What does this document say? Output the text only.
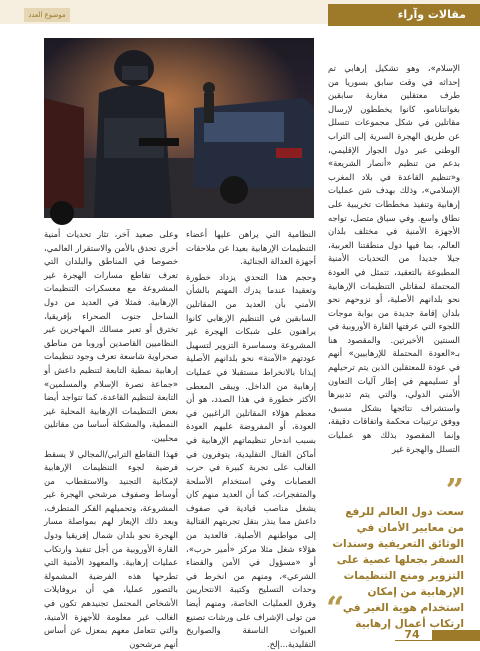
مقالات وآراء
موضوع العدد

الإسلام»، وهو تشكيل إرهابي تم إحداثه في وقت سابق بسوريا من طرف معتقلين مغاربة سابقين بغوانتانامو، كانوا يخططون لإرسال مقاتلين في شكل مجموعات تتسلل عن طريق الهجرة السرية إلى التراب الوطني عبر دول الجوار الإقليمي، بدعم من تنظيم «أنصار الشريعة» و«تنظيم القاعدة في بلاد المغرب الإسلامي»، وذلك بهدف شن عمليات إرهابية وتنفيذ مخططات تخريبية على نطاق واسع. وفي سياق متصل، تواجه الأجهزة الأمنية في مختلف بلدان العالم، بما فيها دول منطقتنا العربية، جيلا جديدا من التحديات الأمنية المطبوعة بالتعقيد، تتمثل في العودة المحتملة لمقاتلي التنظيمات الإرهابية نحو بلدانهم الأصلية، أو نزوحهم نحو بلدان إقامة جديدة من بوابة موجات اللجوء التي عرفتها القارة الأوروبية في السنتين الأخيرتين. والمقصود هنا بـ«العودة المحتملة للإرهابيين» أنهم في عودة للمعتقلين الذين يتم ترحيلهم أو تسليمهم في إطار آليات التعاون الأمني الدولي، والتي يتم تدبيرها واستشراف نتائجها بشكل مسبق، ووفق ترتيبات محكمة واتفاقات دقيقة، وإنما المقصود بذلك هو عمليات التسلل والهجرة غير

النظامية التي يراهن عليها أعضاء التنظيمات الإرهابية بعيدا عن ملاحقات أجهزة العدالة الجنائية.

وحجم هذا التحدي يزداد خطورة وتعقيدا عندما يدرك المهتم بالشأن الأمني بأن العديد من المقاتلين السابقين في التنظيم الإرهابي كانوا يراهنون على شبكات الهجرة غير المشروعة وسماسرة التزوير لتسهيل عودتهم «الآمنة» نحو بلدانهم الأصلية إيذانا بالانخراط مستقبلا في عمليات إرهابية من الداخل. ويبقى المعطى الأكثر خطورة في هذا الصدد، هو أن معظم هؤلاء المقاتلين الراغبين في العودة، أو المفروضة عليهم العودة بسبب اندحار تنظيماتهم الإرهابية في أماكن القتال التقليدية، يتوفرون في الغالب على تجربة كبيرة في حرب العصابات وفي استخدام الأسلحة والمتفجرات، كما أن العديد منهم كان يشغل مناصب قيادية في صفوف داعش مما ينذر بنقل تجربتهم القتالية إلى مواطنهم الأصلية. فالعديد من هؤلاء شغل مثلا مركز «أمير حرب»، أو «مسؤول في الأمن والقضاء الشرعي»، ومنهم من انخرط في وحدات التسليح وكتيبة الانتحاريين وفرق العمليات الخاصة، ومنهم أيضا من تولى الإشراف على ورشات تصنيع العبوات الناسفة والصواريخ التقليدية...إلخ.

وعلى صعيد آخر، تثار تحديات أمنية أخرى تحدق بالأمن والاستقرار العالمي، خصوصا في المناطق والبلدان التي تعرف تقاطع مسارات الهجرة غير المشروعة مع معسكرات التنظيمات الإرهابية. فمثلا في العديد من دول الساحل جنوب الصحراء بإفريقيا، تخترق أو تعبر مسالك المهاجرين غير النظاميين القاصدين أوروبا من مناطق صحراوية شاسعة تعرف وجود تنظيمات إرهابية نمطية التابعة لتنظيم داعش أو «جماعة نصرة الإسلام والمسلمين» التابعة لتنظيم القاعدة، كما تتواجد أيضا بعض التنظيمات الإرهابية المحلية غير النمطية، والمشكلة أساسا من مقاتلين محليين.

فهذا التقاطع الترابي/المجالي لا يسقط فرضية لجوء التنظيمات الإرهابية لإمكانية التجنيد والاستقطاب من أوساط وصفوف مرشحي الهجرة غير المشروعة، وتحميلهم الفكر المتطرف، وبعد ذلك الإيعاز لهم بمواصلة مسار الهجرة نحو بلدان شمال إفريقيا ودول القارة الأوروبية من أجل تنفيذ وارتكاب عمليات إرهابية. والمعهود الأمنية التي تطرحها هذه الفرضية المشمولة بالتصور عمليا، هي أن بروفايلات الأشخاص المحتمل تجنيدهم تكون في الغالب غير معلومة للأجهزة الأمنية، والتي تتعامل معهم بمعزل عن أساس أنهم مرشحون

”
سعت دول العالم للرفع من معايير الأمان في الوثائق التعريفية وسندات السفر بجعلها عصية على التزوير ومنع التنظيمات الإرهابية من إمكان استخدام هوية الغير في ارتكاب أعمال إرهابية
“
74
